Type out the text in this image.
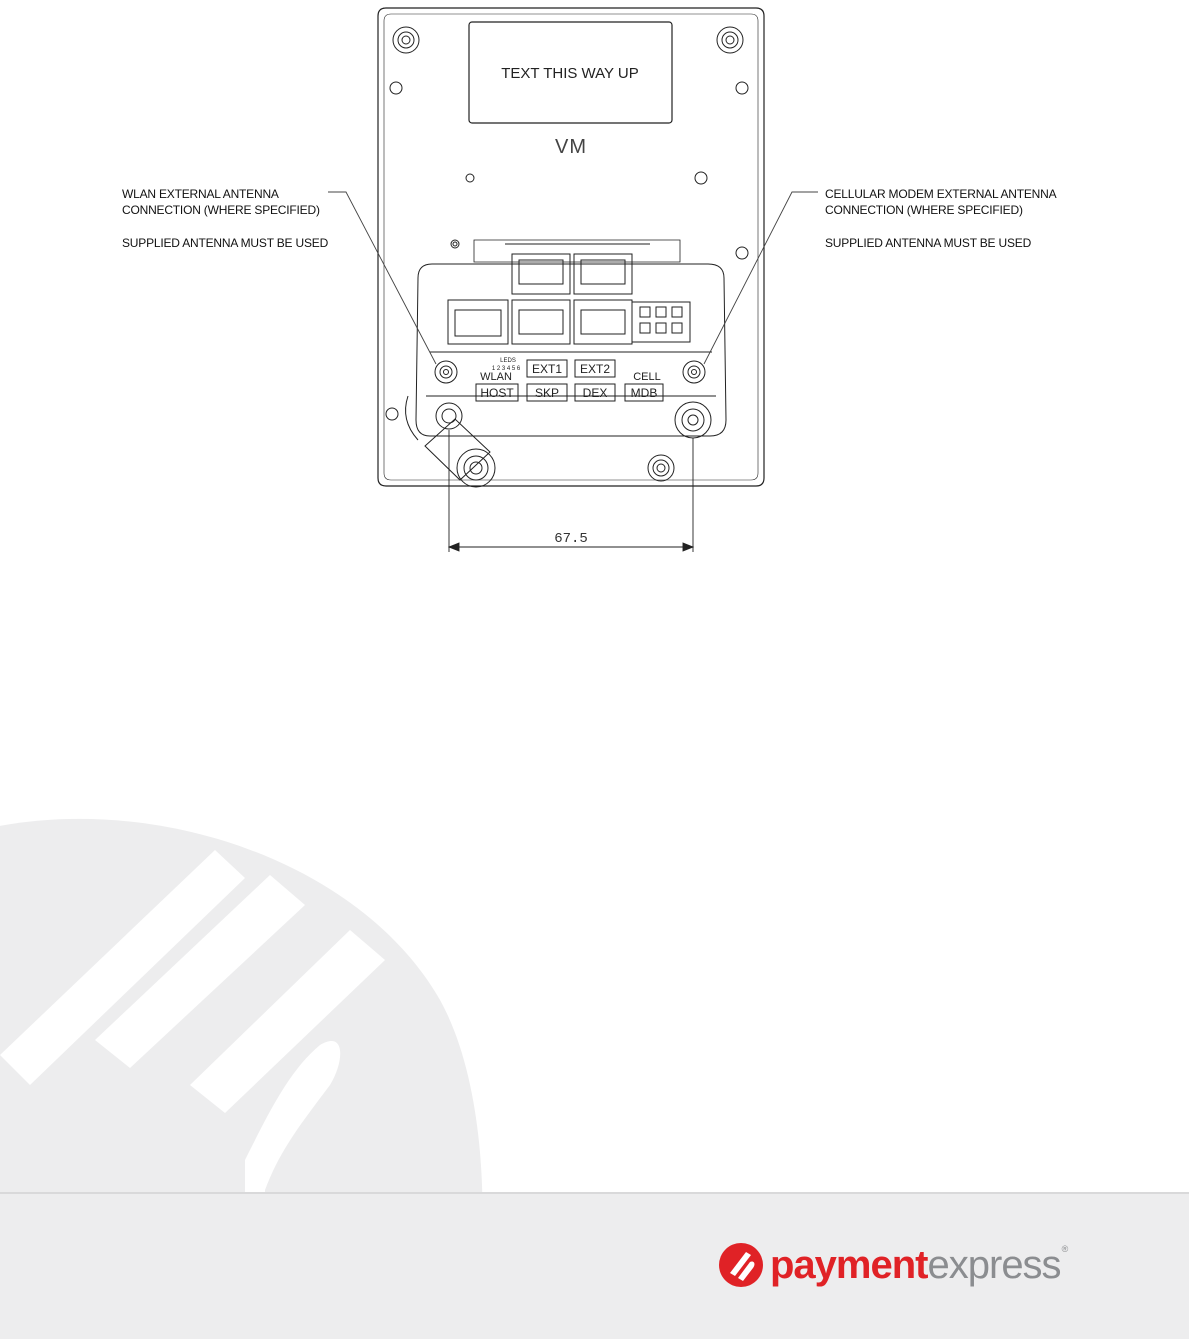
TEXT THIS WAY UP
VM
EXT1 EXT2
HOST SKP DEX MDB
WLAN	CELL
LEDS
1 2 3 4 5 6
67.5
WLAN EXTERNAL ANTENNA
CONNECTION (WHERE SPECIFIED)
SUPPLIED ANTENNA MUST BE USED
CELLULAR MODEM EXTERNAL ANTENNA
CONNECTION (WHERE SPECIFIED)
SUPPLIED ANTENNA MUST BE USED
paymentexpress ®
